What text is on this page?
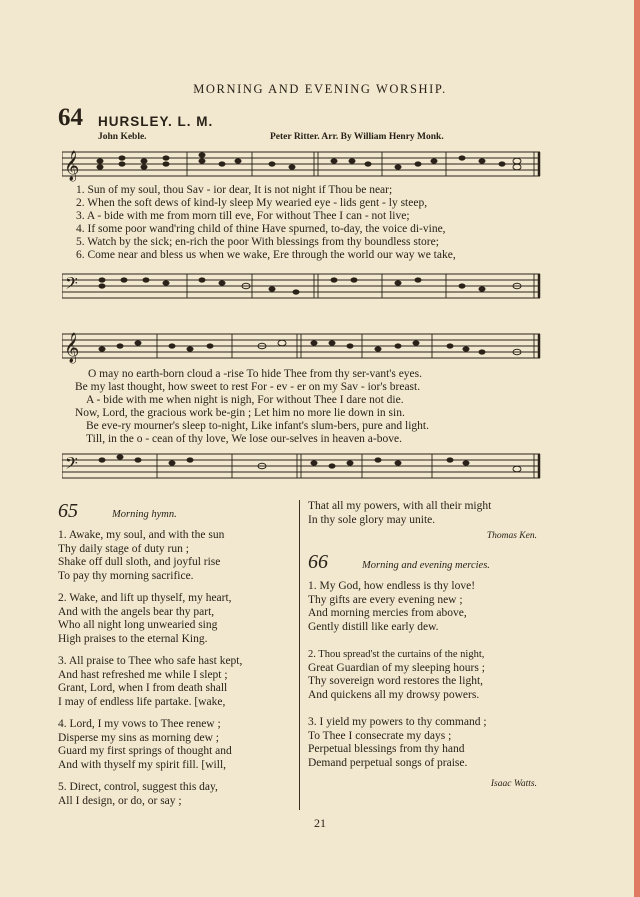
MORNING AND EVENING WORSHIP.
64 HURSLEY. L. M.
John Keble.	Peter Ritter. Arr. By William Henry Monk.
𝄞
1. Sun of my soul, thou Sav - ior dear, It is not night if Thou be near;
2. When the soft dews of kind-ly sleep My wearied eye - lids gent - ly steep,
3. A - bide with me from morn till eve, For without Thee I can - not live;
4. If some poor wand'ring child of thine Have spurned, to-day, the voice di-vine,
5. Watch by the sick; en-rich the poor With blessings from thy boundless store;
6. Come near and bless us when we wake, Ere through the world our way we take,
𝄢
𝄞
O may no earth-born cloud a -rise To hide Thee from thy ser-vant's eyes.
Be my last thought, how sweet to rest For - ev - er on my Sav - ior's breast.
A - bide with me when night is nigh, For without Thee I dare not die.
Now, Lord, the gracious work be-gin ; Let him no more lie down in sin.
Be eve-ry mourner's sleep to-night, Like infant's slum-bers, pure and light.
Till, in the o - cean of thy love, We lose our-selves in heaven a-bove.
𝄢
65	Morning hymn.
1. Awake, my soul, and with the sun
Thy daily stage of duty run ;
Shake off dull sloth, and joyful rise
To pay thy morning sacrifice.
2. Wake, and lift up thyself, my heart,
And with the angels bear thy part,
Who all night long unwearied sing
High praises to the eternal King.
3. All praise to Thee who safe hast kept,
And hast refreshed me while I slept ;
Grant, Lord, when I from death shall
I may of endless life partake. [wake,
4. Lord, I my vows to Thee renew ;
Disperse my sins as morning dew ;
Guard my first springs of thought and
And with thyself my spirit fill. [will,
5. Direct, control, suggest this day,
All I design, or do, or say ;
That all my powers, with all their might
In thy sole glory may unite.
Thomas Ken.
66	Morning and evening mercies.
1. My God, how endless is thy love!
Thy gifts are every evening new ;
And morning mercies from above,
Gently distill like early dew.
2. Thou spread'st the curtains of the night,
Great Guardian of my sleeping hours ;
Thy sovereign word restores the light,
And quickens all my drowsy powers.
3. I yield my powers to thy command ;
To Thee I consecrate my days ;
Perpetual blessings from thy hand
Demand perpetual songs of praise.
Isaac Watts.
21
